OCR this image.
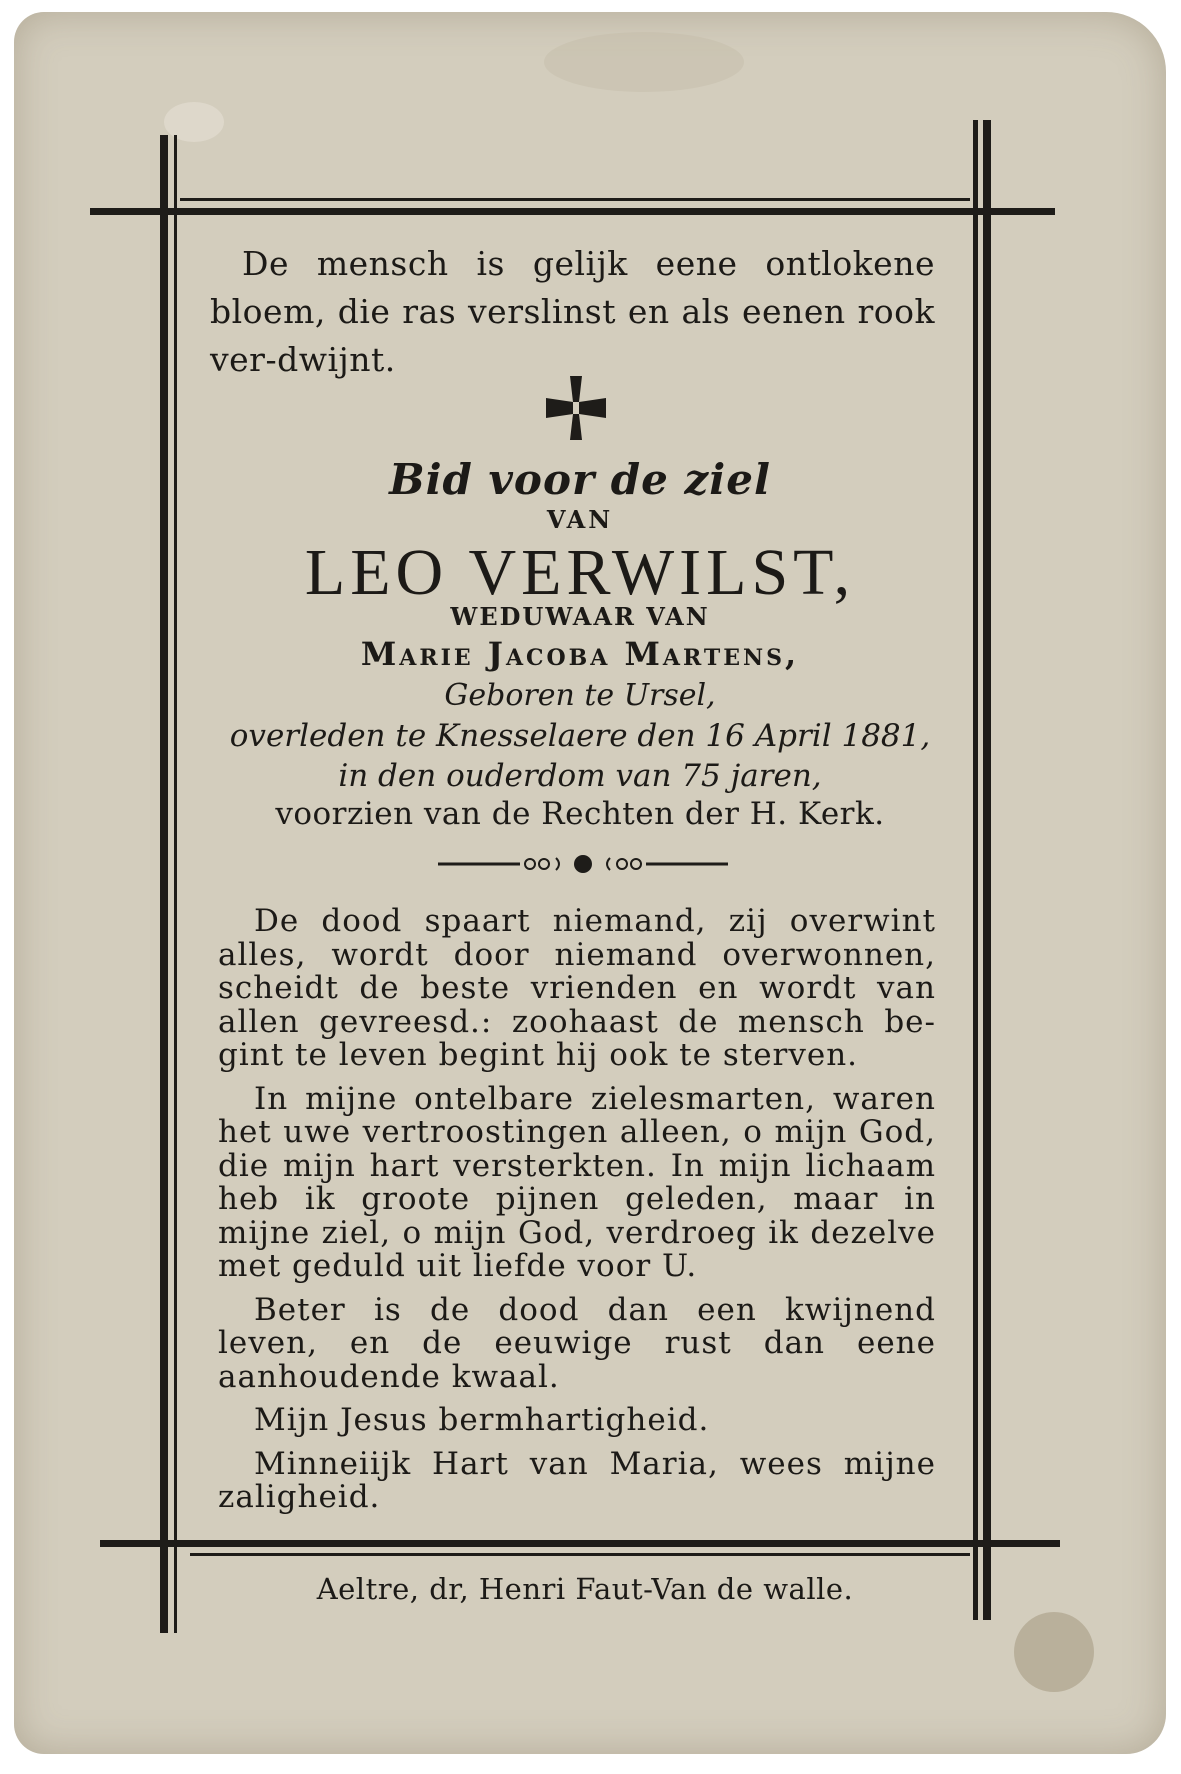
De mensch is gelijk eene ontlokene bloem, die ras verslinst en als eenen rook ver-dwijnt.
Bid voor de ziel
VAN
LEO VERWILST,
WEDUWAAR VAN
Marie Jacoba Martens,
Geboren te Ursel,
overleden te Knesselaere den 16 April 1881,
in den ouderdom van 75 jaren,
voorzien van de Rechten der H. Kerk.

De dood spaart niemand, zij overwint alles, wordt door niemand overwonnen, scheidt de beste vrienden en wordt van allen gevreesd.: zoohaast de mensch be-gint te leven begint hij ook te sterven.

In mijne ontelbare zielesmarten, waren het uwe vertroostingen alleen, o mijn God, die mijn hart versterkten. In mijn lichaam heb ik groote pijnen geleden, maar in mijne ziel, o mijn God, verdroeg ik dezelve met geduld uit liefde voor U.

Beter is de dood dan een kwijnend leven, en de eeuwige rust dan eene aanhoudende kwaal.

Mijn Jesus bermhartigheid.

Minneiijk Hart van Maria, wees mijne zaligheid.

Aeltre, dr, Henri Faut-Van de walle.
